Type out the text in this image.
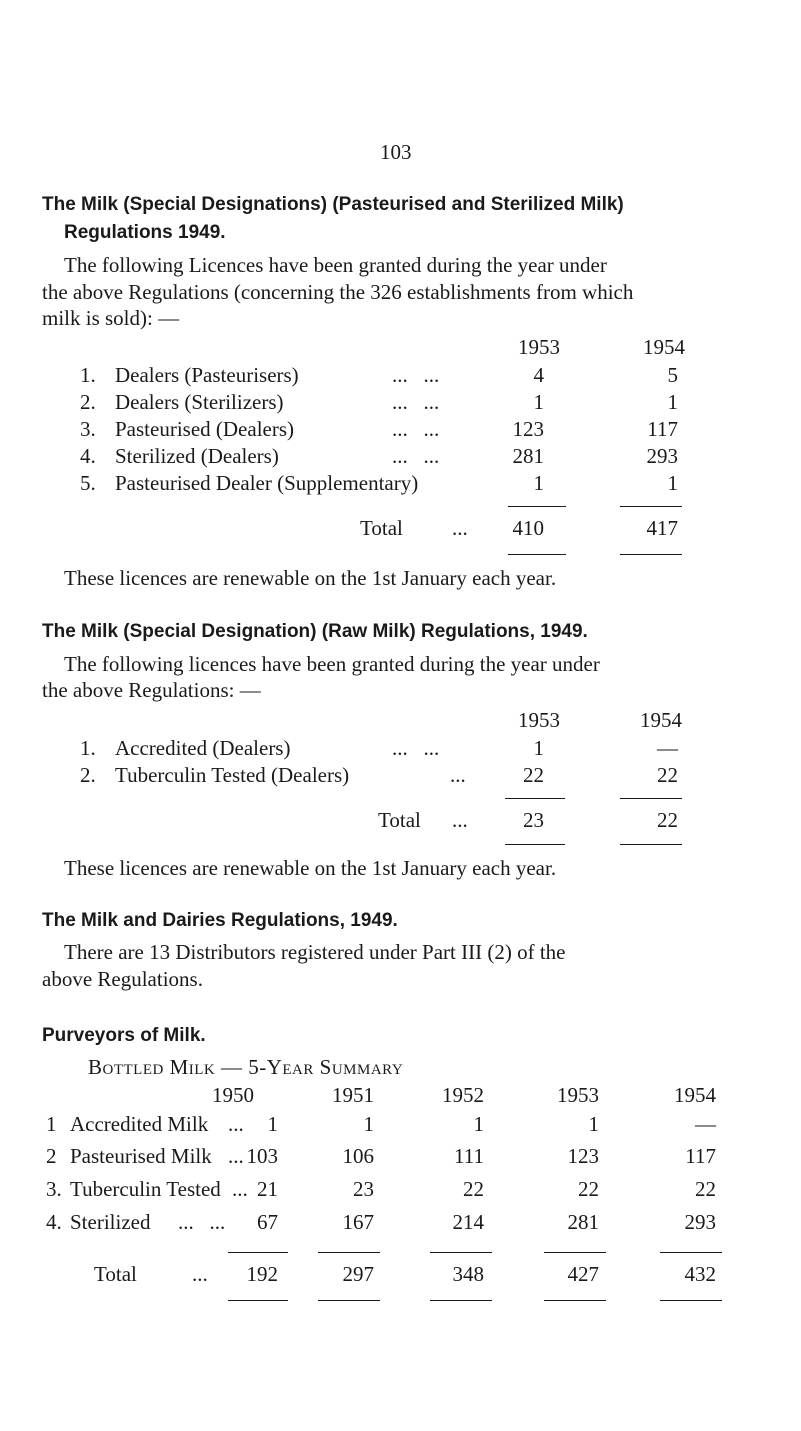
103
The Milk (Special Designations) (Pasteurised and Sterilized Milk)
Regulations 1949.
The following Licences have been granted during the year under
the above Regulations (concerning the 326 establishments from which
milk is sold): —
1953	1954
1. Dealers (Pasteurisers)	...   ...	4	5
2. Dealers (Sterilizers)	...   ...	1	1
3. Pasteurised (Dealers)	...   ...	123	117
4. Sterilized (Dealers)	...   ...	281	293
5. Pasteurised Dealer (Supplementary)	1	1
Total ...	410	417
These licences are renewable on the 1st January each year.
The Milk (Special Designation) (Raw Milk) Regulations, 1949.
The following licences have been granted during the year under
the above Regulations: —
1953	1954
1. Accredited (Dealers)	...   ...	1	—
2. Tuberculin Tested (Dealers)	...	22	22
Total ...	23	22
These licences are renewable on the 1st January each year.
The Milk and Dairies Regulations, 1949.
There are 13 Distributors registered under Part III (2) of the
above Regulations.
Purveyors of Milk.
Bottled Milk — 5-Year Summary
1950	1951	1952	1953	1954
1 Accredited Milk ...	1	1	1	1	—
2 Pasteurised Milk ... 103	106	111	123	117
3. Tuberculin Tested ... 21	23	22	22	22
4. Sterilized ...   ...	67	167	214	281	293
Total	...	192	297	348	427	432
